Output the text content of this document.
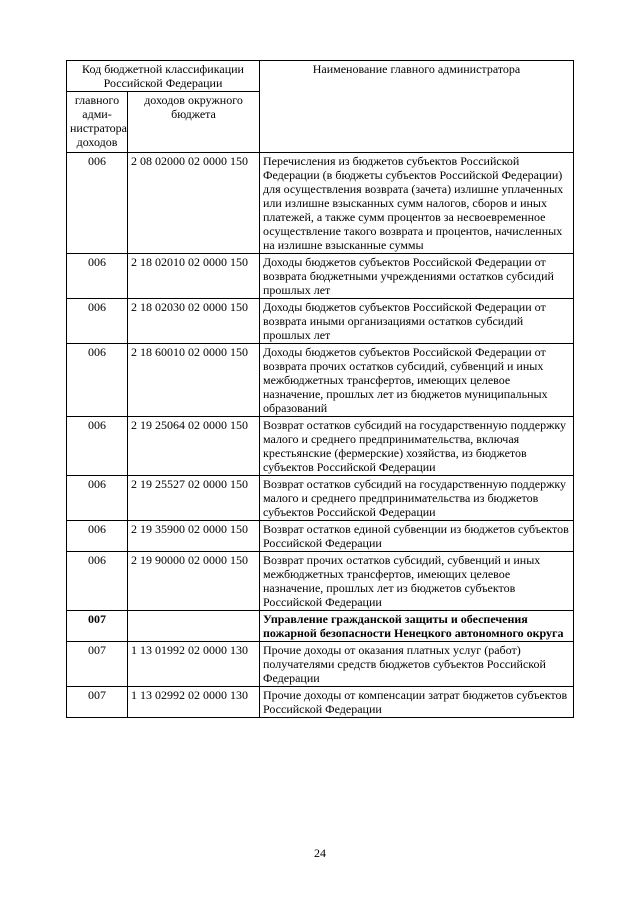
Код бюджетной классификации Российской Федерации		Наименование главного администратора
главного адми-нистратора доходов	доходов окружного бюджета	
006	2 08 02000 02 0000 150	Перечисления из бюджетов субъектов Российской Федерации (в бюджеты субъектов Российской Федерации) для осуществления возврата (зачета) излишне уплаченных или излишне взысканных сумм налогов, сборов и иных платежей, а также сумм процентов за несвоевременное осуществление такого возврата и процентов, начисленных на излишне взысканные суммы
006	2 18 02010 02 0000 150	Доходы бюджетов субъектов Российской Федерации от возврата бюджетными учреждениями остатков субсидий прошлых лет
006	2 18 02030 02 0000 150	Доходы бюджетов субъектов Российской Федерации от возврата иными организациями остатков субсидий прошлых лет
006	2 18 60010 02 0000 150	Доходы бюджетов субъектов Российской Федерации от возврата прочих остатков субсидий, субвенций и иных межбюджетных трансфертов, имеющих целевое назначение, прошлых лет из бюджетов муниципальных образований
006	2 19 25064 02 0000 150	Возврат остатков субсидий на государственную поддержку малого и среднего предпринимательства, включая крестьянские (фермерские) хозяйства, из бюджетов субъектов Российской Федерации
006	2 19 25527 02 0000 150	Возврат остатков субсидий на государственную поддержку малого и среднего предпринимательства из бюджетов субъектов Российской Федерации
006	2 19 35900 02 0000 150	Возврат остатков единой субвенции из бюджетов субъектов Российской Федерации
006	2 19 90000 02 0000 150	Возврат прочих остатков субсидий, субвенций и иных межбюджетных трансфертов, имеющих целевое назначение, прошлых лет из бюджетов субъектов Российской Федерации
007		Управление гражданской защиты и обеспечения пожарной безопасности Ненецкого автономного округа
007	1 13 01992 02 0000 130	Прочие доходы от оказания платных услуг (работ) получателями средств бюджетов субъектов Российской Федерации
007	1 13 02992 02 0000 130	Прочие доходы от компенсации затрат бюджетов субъектов Российской Федерации
24
